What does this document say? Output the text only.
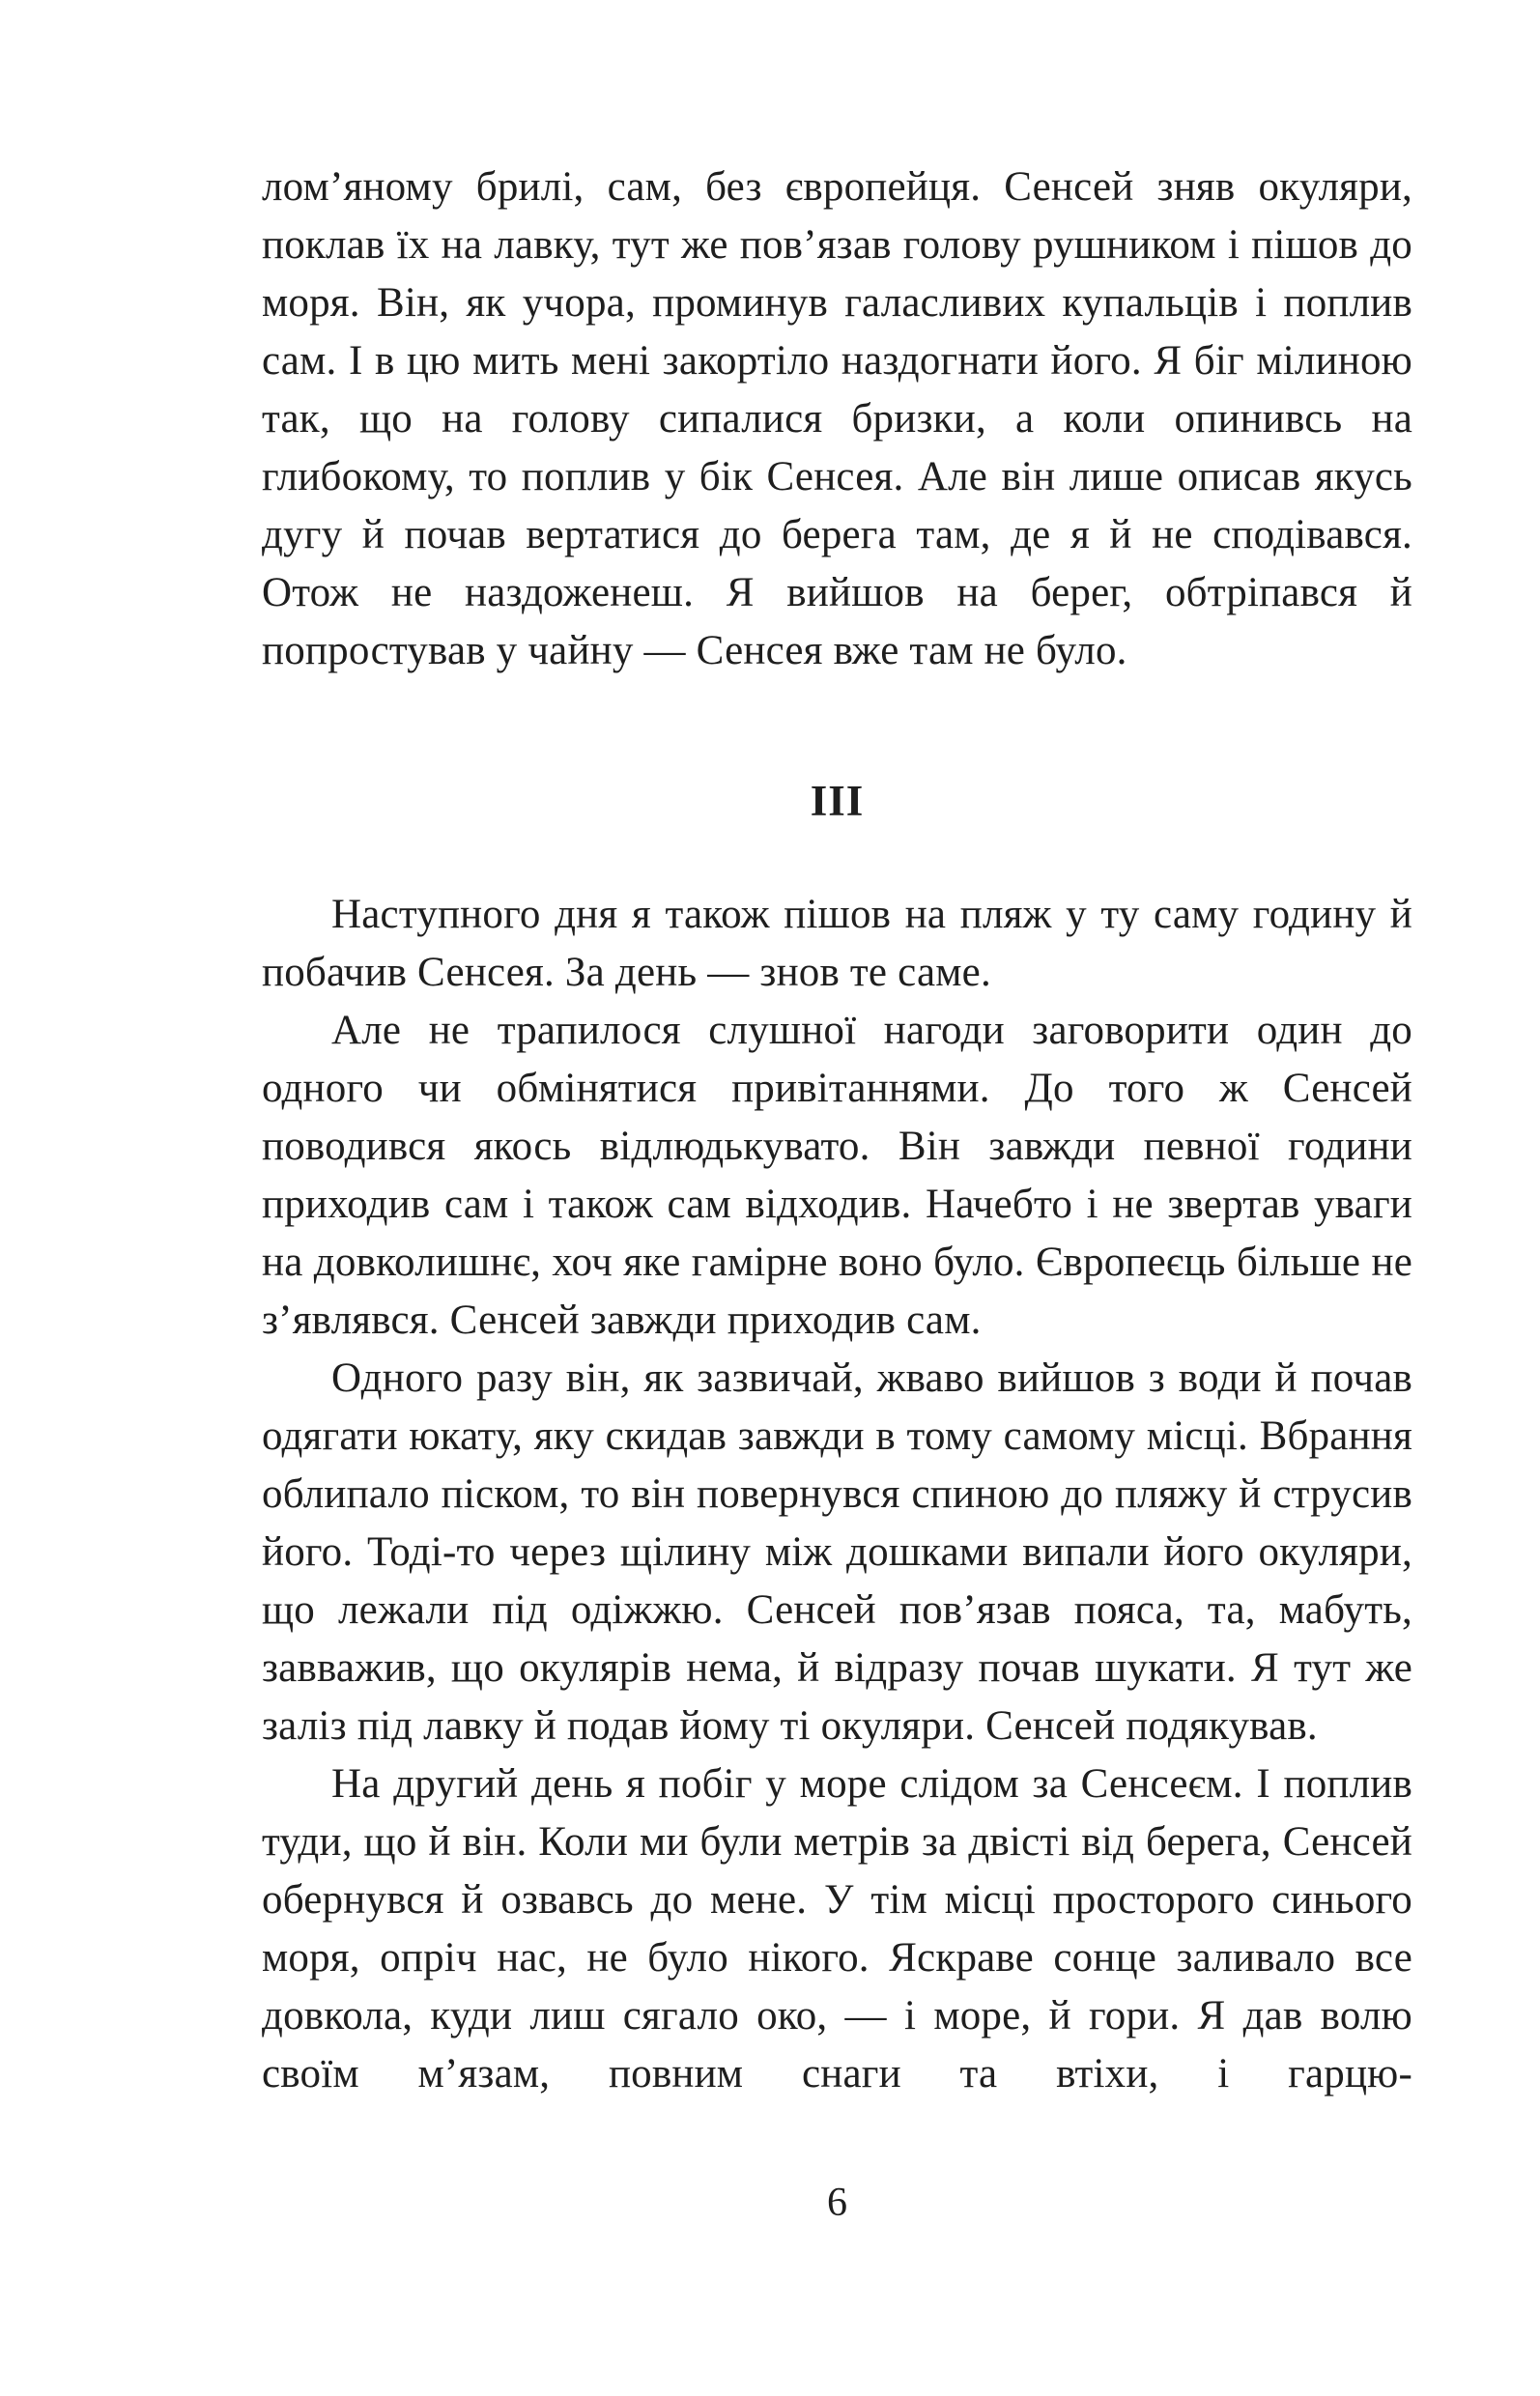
лом’яному брилі, сам, без європейця. Сенсей зняв окуляри, поклав їх на лавку, тут же пов’язав голову рушником і пішов до моря. Він, як учора, проминув галасливих купальців і поплив сам. І в цю мить мені закортіло наздогнати його. Я біг мілиною так, що на голову сипалися бризки, а коли опинивсь на глибокому, то поплив у бік Сенсея. Але він лише описав якусь дугу й почав вертатися до берега там, де я й не сподівався. Отож не наздоженеш. Я вийшов на берег, обтріпався й попростував у чайну — Сенсея вже там не було.

III

Наступного дня я також пішов на пляж у ту саму годину й побачив Сенсея. За день — знов те саме.

Але не трапилося слушної нагоди заговорити один до одного чи обмінятися привітаннями. До того ж Сенсей поводився якось відлюдькувато. Він завжди певної години приходив сам і також сам відходив. Начебто і не звертав уваги на довколишнє, хоч яке гамірне воно було. Європеєць більше не з’являвся. Сенсей завжди приходив сам.

Одного разу він, як зазвичай, жваво вийшов з води й почав одягати юкату, яку скидав завжди в тому самому місці. Вбрання облипало піском, то він повернувся спиною до пляжу й струсив його. Тоді-то через щілину між дошками випали його окуляри, що лежали під одіжжю. Сенсей пов’язав пояса, та, мабуть, завважив, що окулярів нема, й відразу почав шукати. Я тут же заліз під лавку й подав йому ті окуляри. Сенсей подякував.

На другий день я побіг у море слідом за Сенсеєм. І поплив туди, що й він. Коли ми були метрів за двісті від берега, Сенсей обернувся й озвавсь до мене. У тім місці просторого синього моря, опріч нас, не було нікого. Яскраве сонце заливало все довкола, куди лиш сягало око, — і море, й гори. Я дав волю своїм м’язам, повним снаги та втіхи, і гарцю-

6
